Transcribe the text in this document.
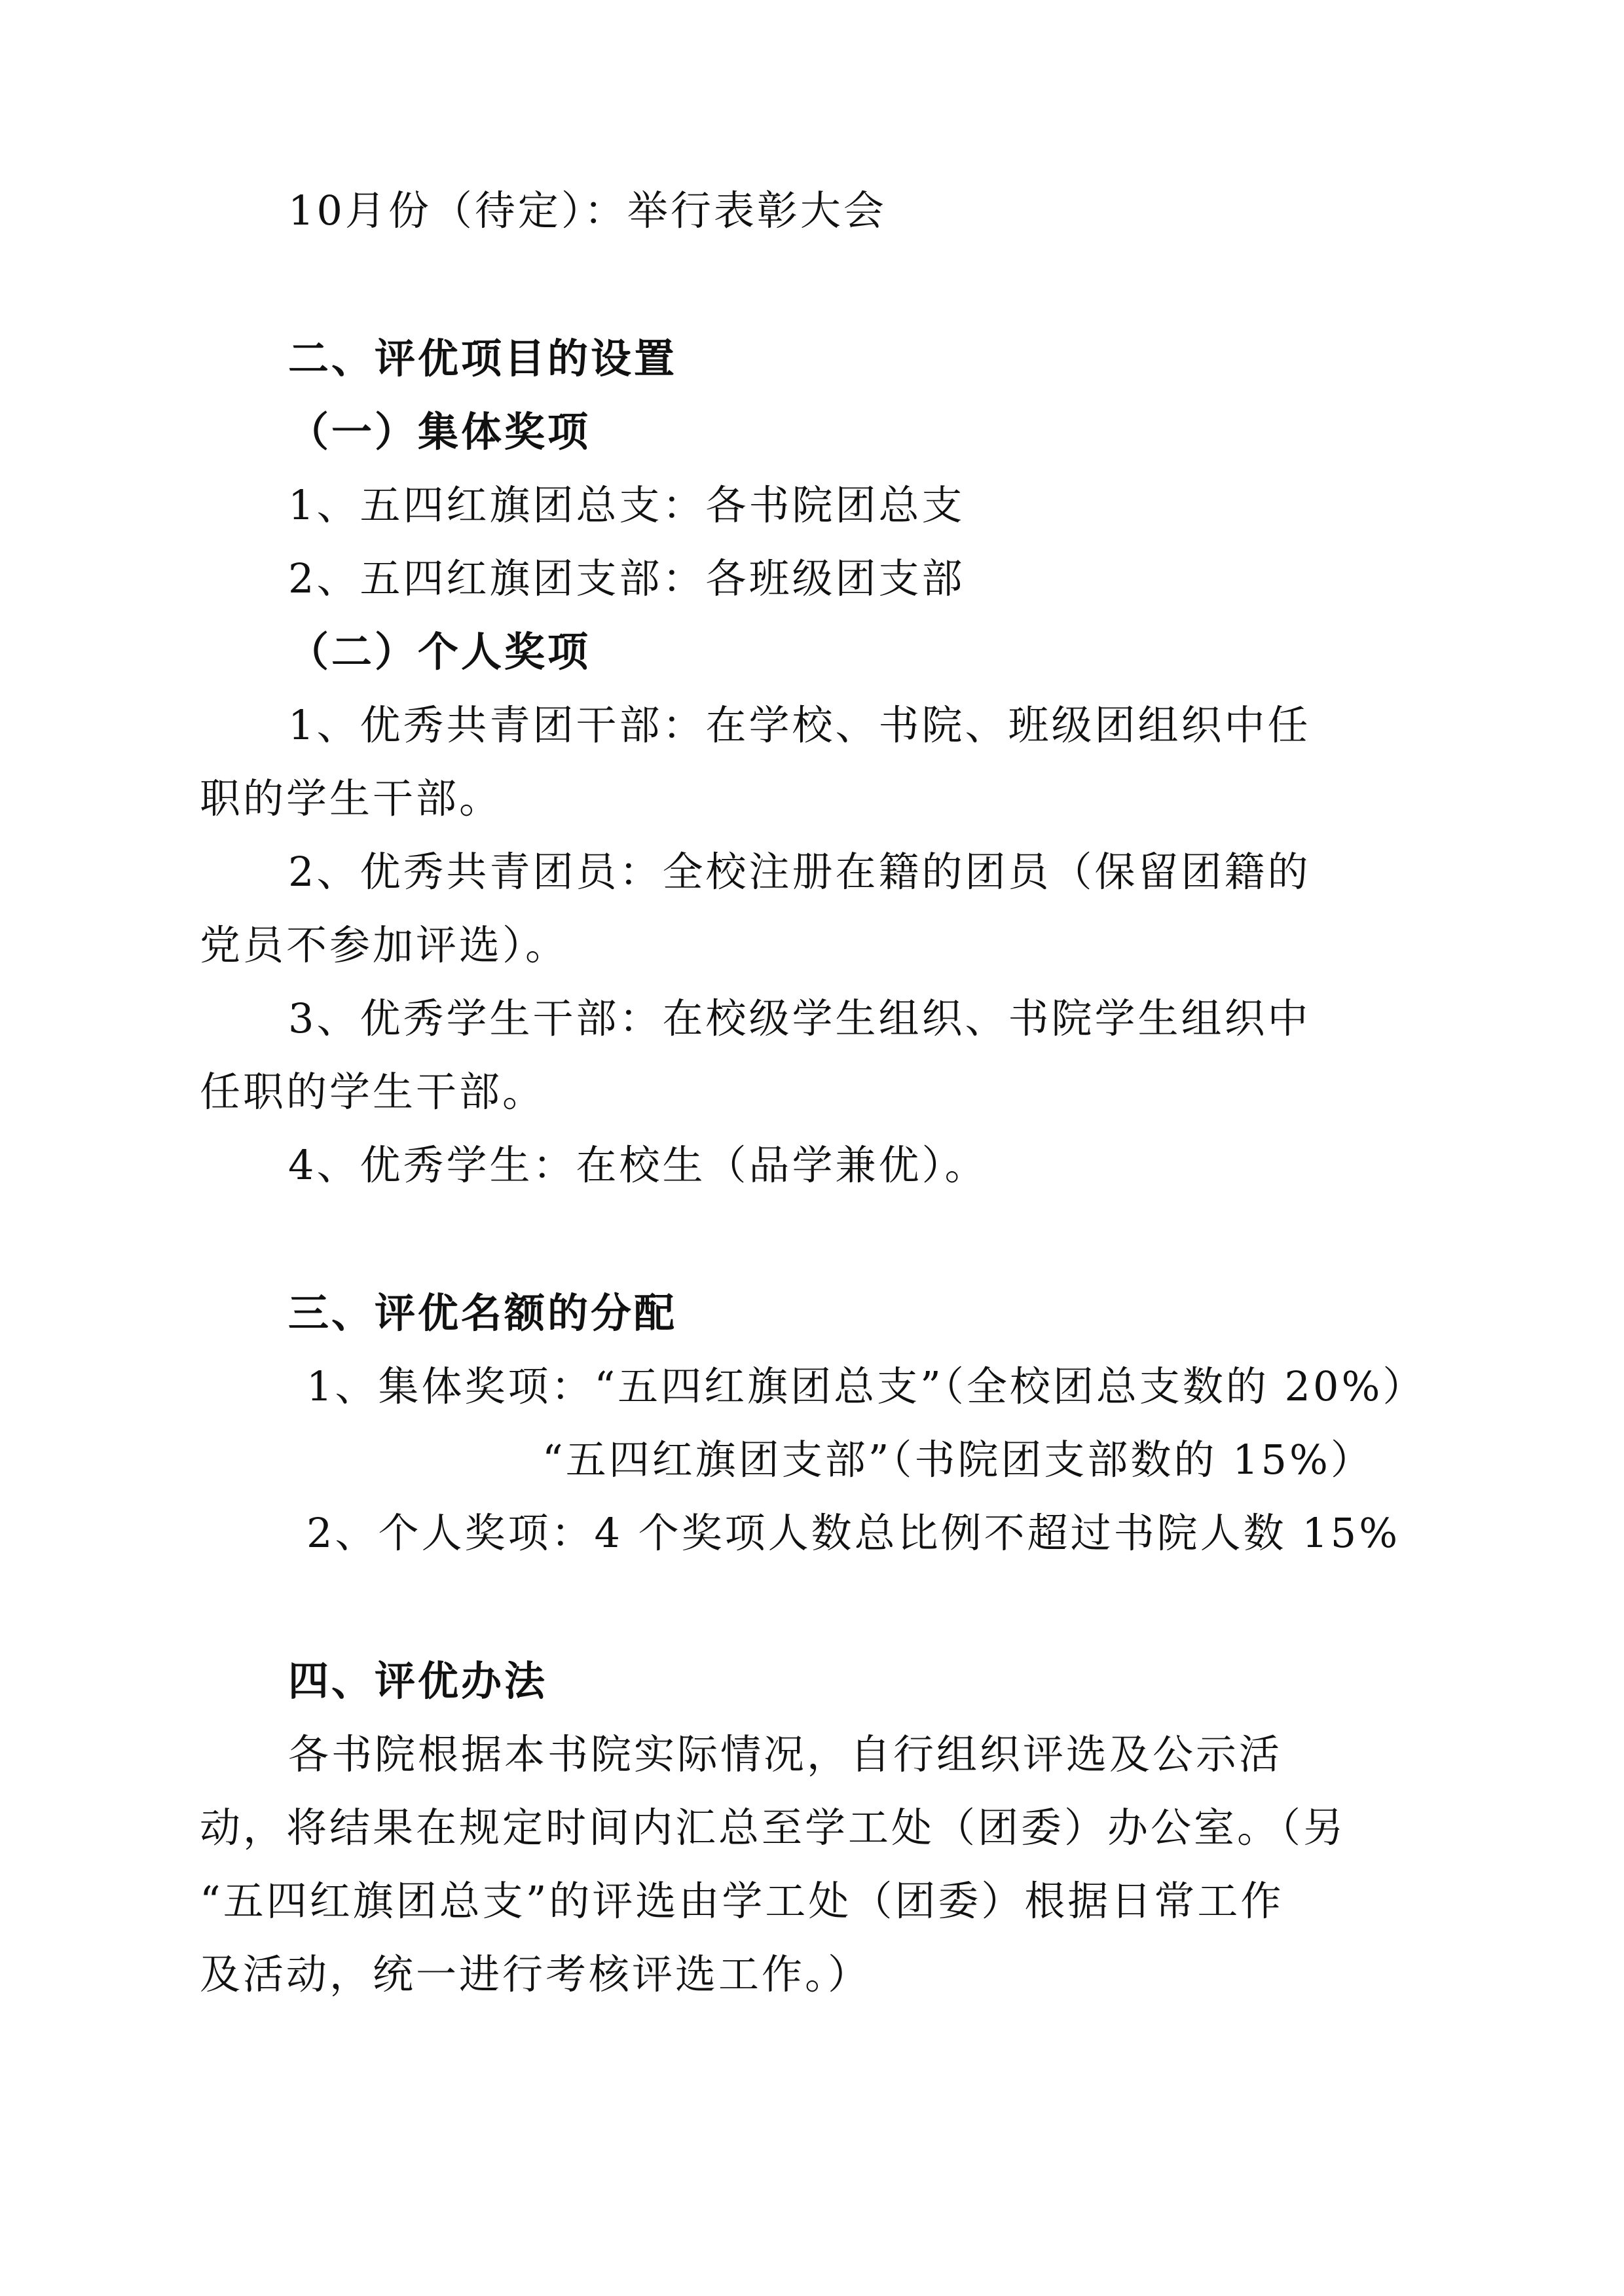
10月份（待定）：举行表彰大会
二、评优项目的设置
（一）集体奖项
1、五四红旗团总支：各书院团总支
2、五四红旗团支部：各班级团支部
（二）个人奖项
1、优秀共青团干部：在学校、书院、班级团组织中任
职的学生干部。
2、优秀共青团员：全校注册在籍的团员（保留团籍的
党员不参加评选）。
3、优秀学生干部：在校级学生组织、书院学生组织中
任职的学生干部。
4、优秀学生：在校生（品学兼优）。
三、评优名额的分配
1、集体奖项：“五四红旗团总支”（全校团总支数的 20%）
“五四红旗团支部”（书院团支部数的 15%）
2、个人奖项：4 个奖项人数总比例不超过书院人数 15%
四、评优办法
各书院根据本书院实际情况，自行组织评选及公示活
动，将结果在规定时间内汇总至学工处（团委）办公室。（另
“五四红旗团总支”的评选由学工处（团委）根据日常工作
及活动，统一进行考核评选工作。）
